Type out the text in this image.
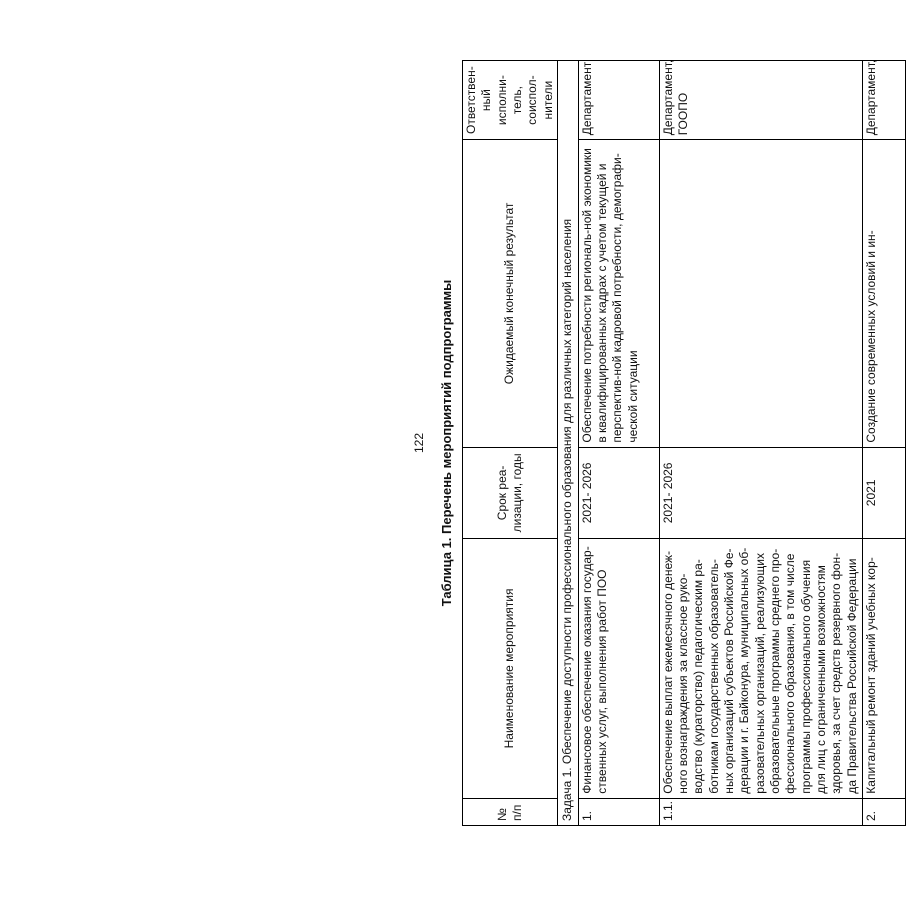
122 Таблица 1. Перечень мероприятий подпрограммы
№ п/п	Наименование мероприятия	Срок реа-лизации, годы	Ожидаемый конечный результат	Ответствен-ный исполни-тель, соиспол-нители
Задача 1. Обеспечение доступности профессионального образования для различных категорий населения				
1.	Финансовое обеспечение оказания государ-ственных услуг, выполнения работ ПОО	2021- 2026	Обеспечение потребности региональ-ной экономики в квалифицированных кадрах с учетом текущей и перспектив-ной кадровой потребности, демографи-ческой ситуации	Департамент
1.1.	Обеспечение выплат ежемесячного денеж-ного вознаграждения за классное руко-водство (кураторство) педагогическим ра-ботникам государственных образователь-ных организаций субъектов Российской Фе-дерации и г. Байконура, муниципальных об-разовательных организаций, реализующих образовательные программы среднего про-фессионального образования, в том числе программы профессионального обучения для лиц с ограниченными возможностям здоровья, за счет средств резервного фон-да Правительства Российской Федерации	2021- 2026		Департамент, ГООПО
2.	Капитальный ремонт зданий учебных кор-	2021	Создание современных условий и ин-	Департамент,
